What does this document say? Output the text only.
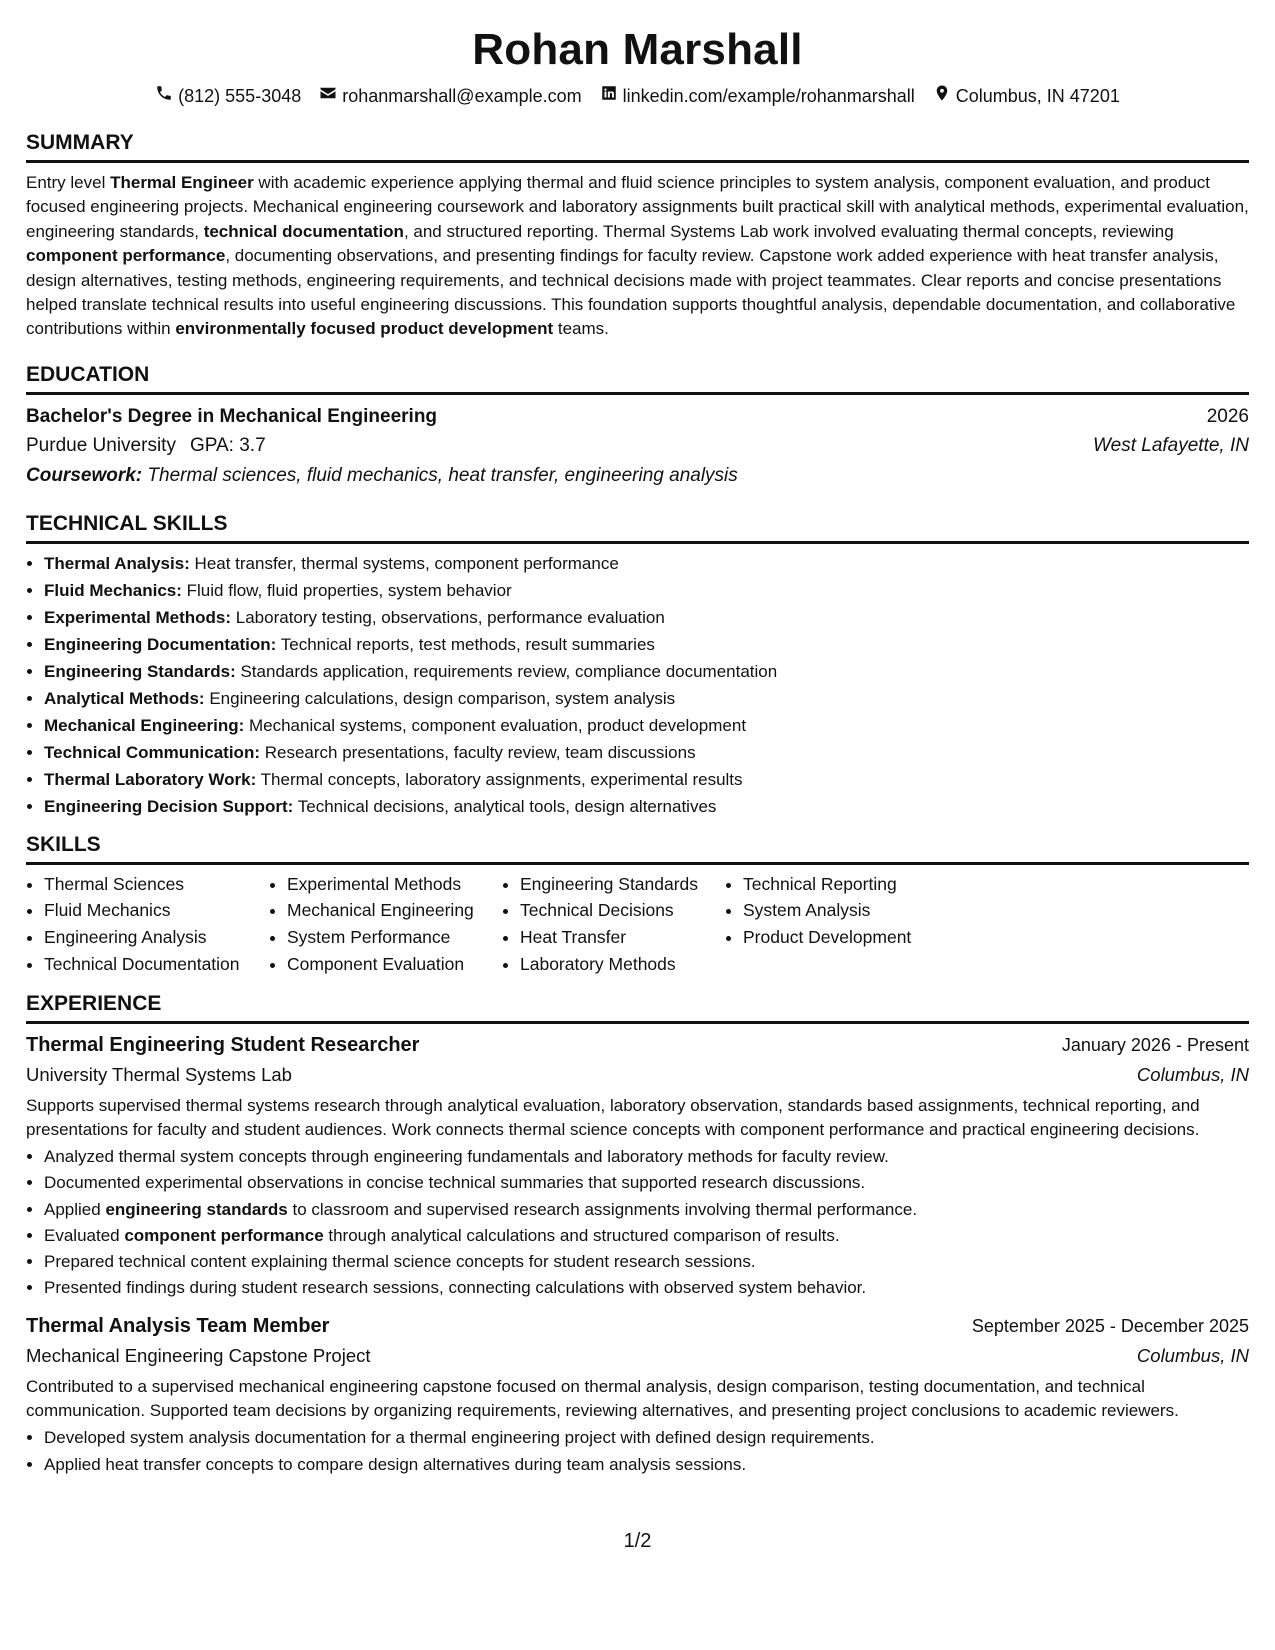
Rohan Marshall
(812) 555-3048 rohanmarshall@example.com linkedin.com/example/rohanmarshall Columbus, IN 47201
SUMMARY
Entry level Thermal Engineer with academic experience applying thermal and fluid science principles to system analysis, component evaluation, and product focused engineering projects. Mechanical engineering coursework and laboratory assignments built practical skill with analytical methods, experimental evaluation, engineering standards, technical documentation, and structured reporting. Thermal Systems Lab work involved evaluating thermal concepts, reviewing component performance, documenting observations, and presenting findings for faculty review. Capstone work added experience with heat transfer analysis, design alternatives, testing methods, engineering requirements, and technical decisions made with project teammates. Clear reports and concise presentations helped translate technical results into useful engineering discussions. This foundation supports thoughtful analysis, dependable documentation, and collaborative contributions within environmentally focused product development teams.
EDUCATION
Bachelor's Degree in Mechanical Engineering	2026
Purdue University GPA: 3.7	West Lafayette, IN
Coursework: Thermal sciences, fluid mechanics, heat transfer, engineering analysis
TECHNICAL SKILLS
• Thermal Analysis: Heat transfer, thermal systems, component performance
• Fluid Mechanics: Fluid flow, fluid properties, system behavior
• Experimental Methods: Laboratory testing, observations, performance evaluation
• Engineering Documentation: Technical reports, test methods, result summaries
• Engineering Standards: Standards application, requirements review, compliance documentation
• Analytical Methods: Engineering calculations, design comparison, system analysis
• Mechanical Engineering: Mechanical systems, component evaluation, product development
• Technical Communication: Research presentations, faculty review, team discussions
• Thermal Laboratory Work: Thermal concepts, laboratory assignments, experimental results
• Engineering Decision Support: Technical decisions, analytical tools, design alternatives
SKILLS
• Thermal Sciences
• Fluid Mechanics
• Engineering Analysis
• Technical Documentation
• Experimental Methods
• Mechanical Engineering
• System Performance
• Component Evaluation
• Engineering Standards
• Technical Decisions
• Heat Transfer
• Laboratory Methods
• Technical Reporting
• System Analysis
• Product Development
EXPERIENCE
Thermal Engineering Student Researcher	January 2026 - Present
University Thermal Systems Lab	Columbus, IN
Supports supervised thermal systems research through analytical evaluation, laboratory observation, standards based assignments, technical reporting, and presentations for faculty and student audiences. Work connects thermal science concepts with component performance and practical engineering decisions.
• Analyzed thermal system concepts through engineering fundamentals and laboratory methods for faculty review.
• Documented experimental observations in concise technical summaries that supported research discussions.
• Applied engineering standards to classroom and supervised research assignments involving thermal performance.
• Evaluated component performance through analytical calculations and structured comparison of results.
• Prepared technical content explaining thermal science concepts for student research sessions.
• Presented findings during student research sessions, connecting calculations with observed system behavior.
Thermal Analysis Team Member	September 2025 - December 2025
Mechanical Engineering Capstone Project	Columbus, IN
Contributed to a supervised mechanical engineering capstone focused on thermal analysis, design comparison, testing documentation, and technical communication. Supported team decisions by organizing requirements, reviewing alternatives, and presenting project conclusions to academic reviewers.
• Developed system analysis documentation for a thermal engineering project with defined design requirements.
• Applied heat transfer concepts to compare design alternatives during team analysis sessions.
1/2
